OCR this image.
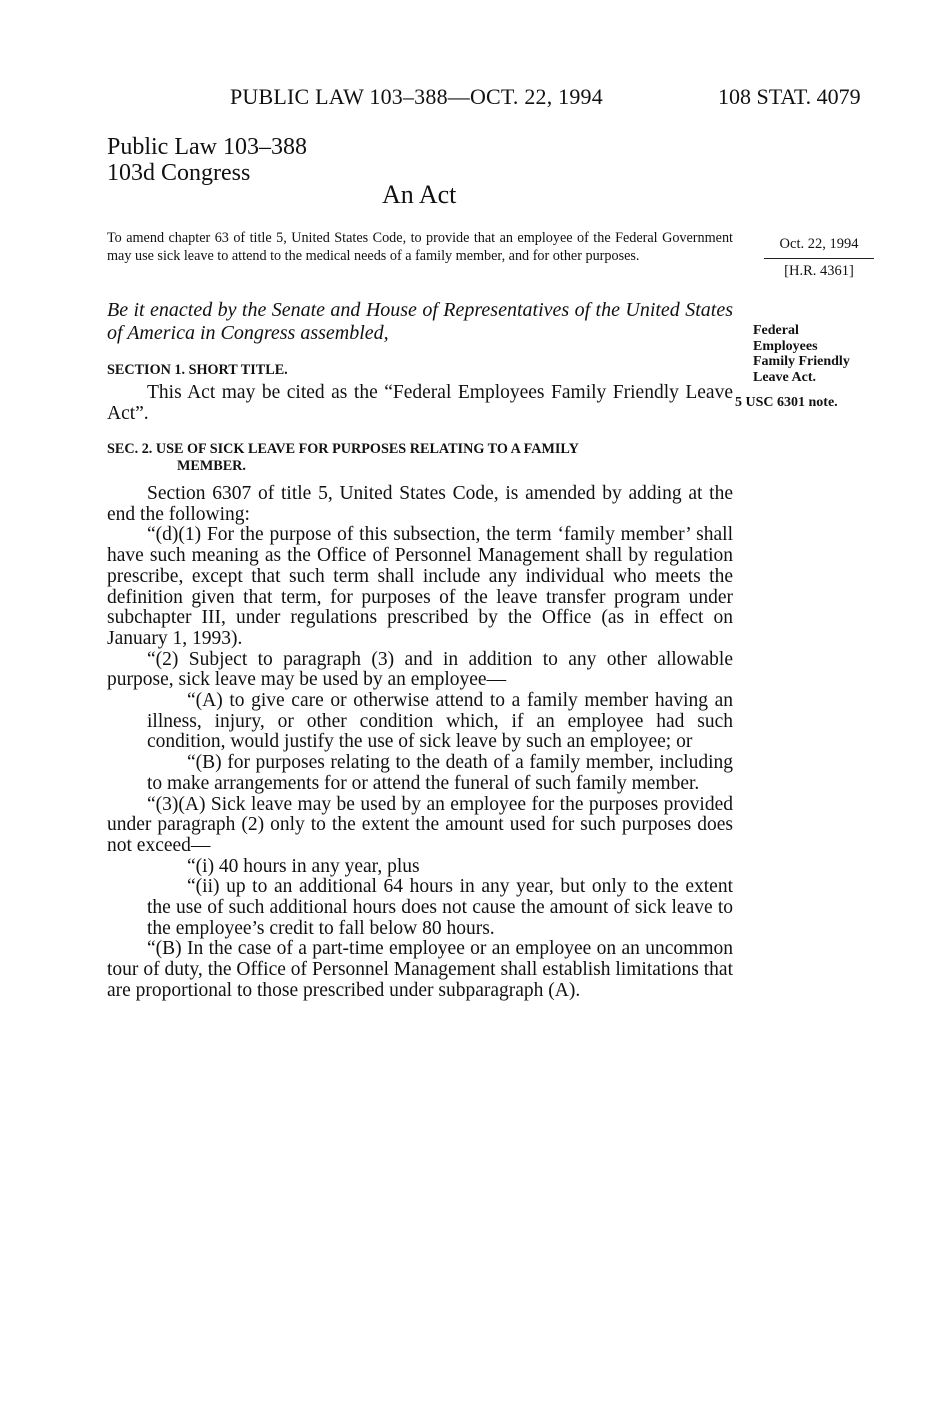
PUBLIC LAW 103–388—OCT. 22, 1994	108 STAT. 4079
Public Law 103–388
103d Congress
An Act
To amend chapter 63 of title 5, United States Code, to provide that an employee of the Federal Government may use sick leave to attend to the medical needs of a family member, and for other purposes.
Oct. 22, 1994
[H.R. 4361]
Be it enacted by the Senate and House of Representatives of the United States of America in Congress assembled,	Federal
Employees
Family Friendly
Leave Act.
5 USC 6301 note.
SECTION 1. SHORT TITLE.

This Act may be cited as the “Federal Employees Family Friendly Leave Act”.

SEC. 2. USE OF SICK LEAVE FOR PURPOSES RELATING TO A FAMILY
MEMBER.

Section 6307 of title 5, United States Code, is amended by adding at the end the following:

“(d)(1) For the purpose of this subsection, the term ‘family member’ shall have such meaning as the Office of Personnel Management shall by regulation prescribe, except that such term shall include any individual who meets the definition given that term, for purposes of the leave transfer program under subchapter III, under regulations prescribed by the Office (as in effect on January 1, 1993).

“(2) Subject to paragraph (3) and in addition to any other allowable purpose, sick leave may be used by an employee—

“(A) to give care or otherwise attend to a family member having an illness, injury, or other condition which, if an employee had such condition, would justify the use of sick leave by such an employee; or

“(B) for purposes relating to the death of a family member, including to make arrangements for or attend the funeral of such family member.

“(3)(A) Sick leave may be used by an employee for the purposes provided under paragraph (2) only to the extent the amount used for such purposes does not exceed—

“(i) 40 hours in any year, plus

“(ii) up to an additional 64 hours in any year, but only to the extent the use of such additional hours does not cause the amount of sick leave to the employee’s credit to fall below 80 hours.

“(B) In the case of a part-time employee or an employee on an uncommon tour of duty, the Office of Personnel Management shall establish limitations that are proportional to those prescribed under subparagraph (A).
